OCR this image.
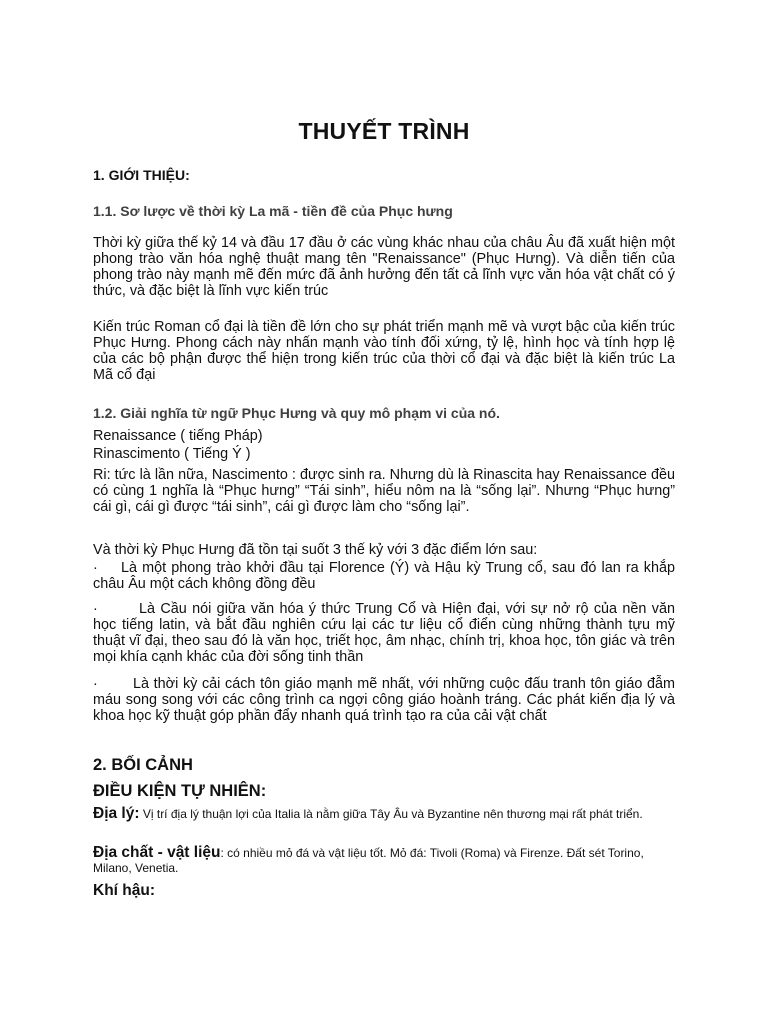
THUYẾT TRÌNH
1. GIỚI THIỆU:
1.1. Sơ lược về thời kỳ La mã - tiền đề của Phục hưng
Thời kỳ giữa thế kỷ 14 và đầu 17 đầu ở các vùng khác nhau của châu Âu đã xuất hiện một phong trào văn hóa nghệ thuật mang tên "Renaissance" (Phục Hưng). Và diễn tiến của phong trào này mạnh mẽ đến mức đã ảnh hưởng đến tất cả lĩnh vực văn hóa vật chất có ý thức, và đặc biệt là lĩnh vực kiến trúc
Kiến trúc Roman cổ đại là tiền đề lớn cho sự phát triển mạnh mẽ và vượt bậc của kiến trúc Phục Hưng. Phong cách này nhấn mạnh vào tính đối xứng, tỷ lệ, hình học và tính hợp lệ của các bộ phận được thể hiện trong kiến trúc của thời cổ đại và đặc biệt là kiến trúc La Mã cổ đại
1.2. Giải nghĩa từ ngữ Phục Hưng và quy mô phạm vi của nó.
Renaissance ( tiếng Pháp)
Rinascimento ( Tiếng Ý )
Ri: tức là lần nữa, Nascimento : được sinh ra. Nhưng dù là Rinascita hay Renaissance đều có cùng 1 nghĩa là “Phục hưng” “Tái sinh”, hiểu nôm na là “sống lại”. Nhưng “Phục hưng” cái gì, cái gì được “tái sinh”, cái gì được làm cho “sống lại”.
Và thời kỳ Phục Hưng đã tồn tại suốt 3 thế kỷ với 3 đặc điểm lớn sau:
· Là một phong trào khởi đầu tại Florence (Ý) và Hậu kỳ Trung cổ, sau đó lan ra khắp châu Âu một cách không đồng đều
·	Là Cầu nói giữa văn hóa ý thức Trung Cổ và Hiện đại, với sự nở rộ của nền văn học tiếng latin, và bắt đầu nghiên cứu lại các tư liệu cổ điển cùng những thành tựu mỹ thuật vĩ đại, theo sau đó là văn học, triết học, âm nhạc, chính trị, khoa học, tôn giác và trên mọi khía cạnh khác của đời sống tinh thần
· Là thời kỳ cải cách tôn giáo mạnh mẽ nhất, với những cuộc đấu tranh tôn giáo đẫm máu song song với các công trình ca ngợi công giáo hoành tráng. Các phát kiến địa lý và khoa học kỹ thuật góp phần đẩy nhanh quá trình tạo ra của cải vật chất
2. BỐI CẢNH
ĐIỀU KIỆN TỰ NHIÊN:
Địa lý: Vị trí địa lý thuận lợi của Italia là nằm giữa Tây Âu và Byzantine nên thương mại rất phát triển.
Địa chất - vật liệu: có nhiều mỏ đá và vật liệu tốt. Mỏ đá: Tivoli (Roma) và Firenze. Đất sét Torino, Milano, Venetia.
Khí hậu:
